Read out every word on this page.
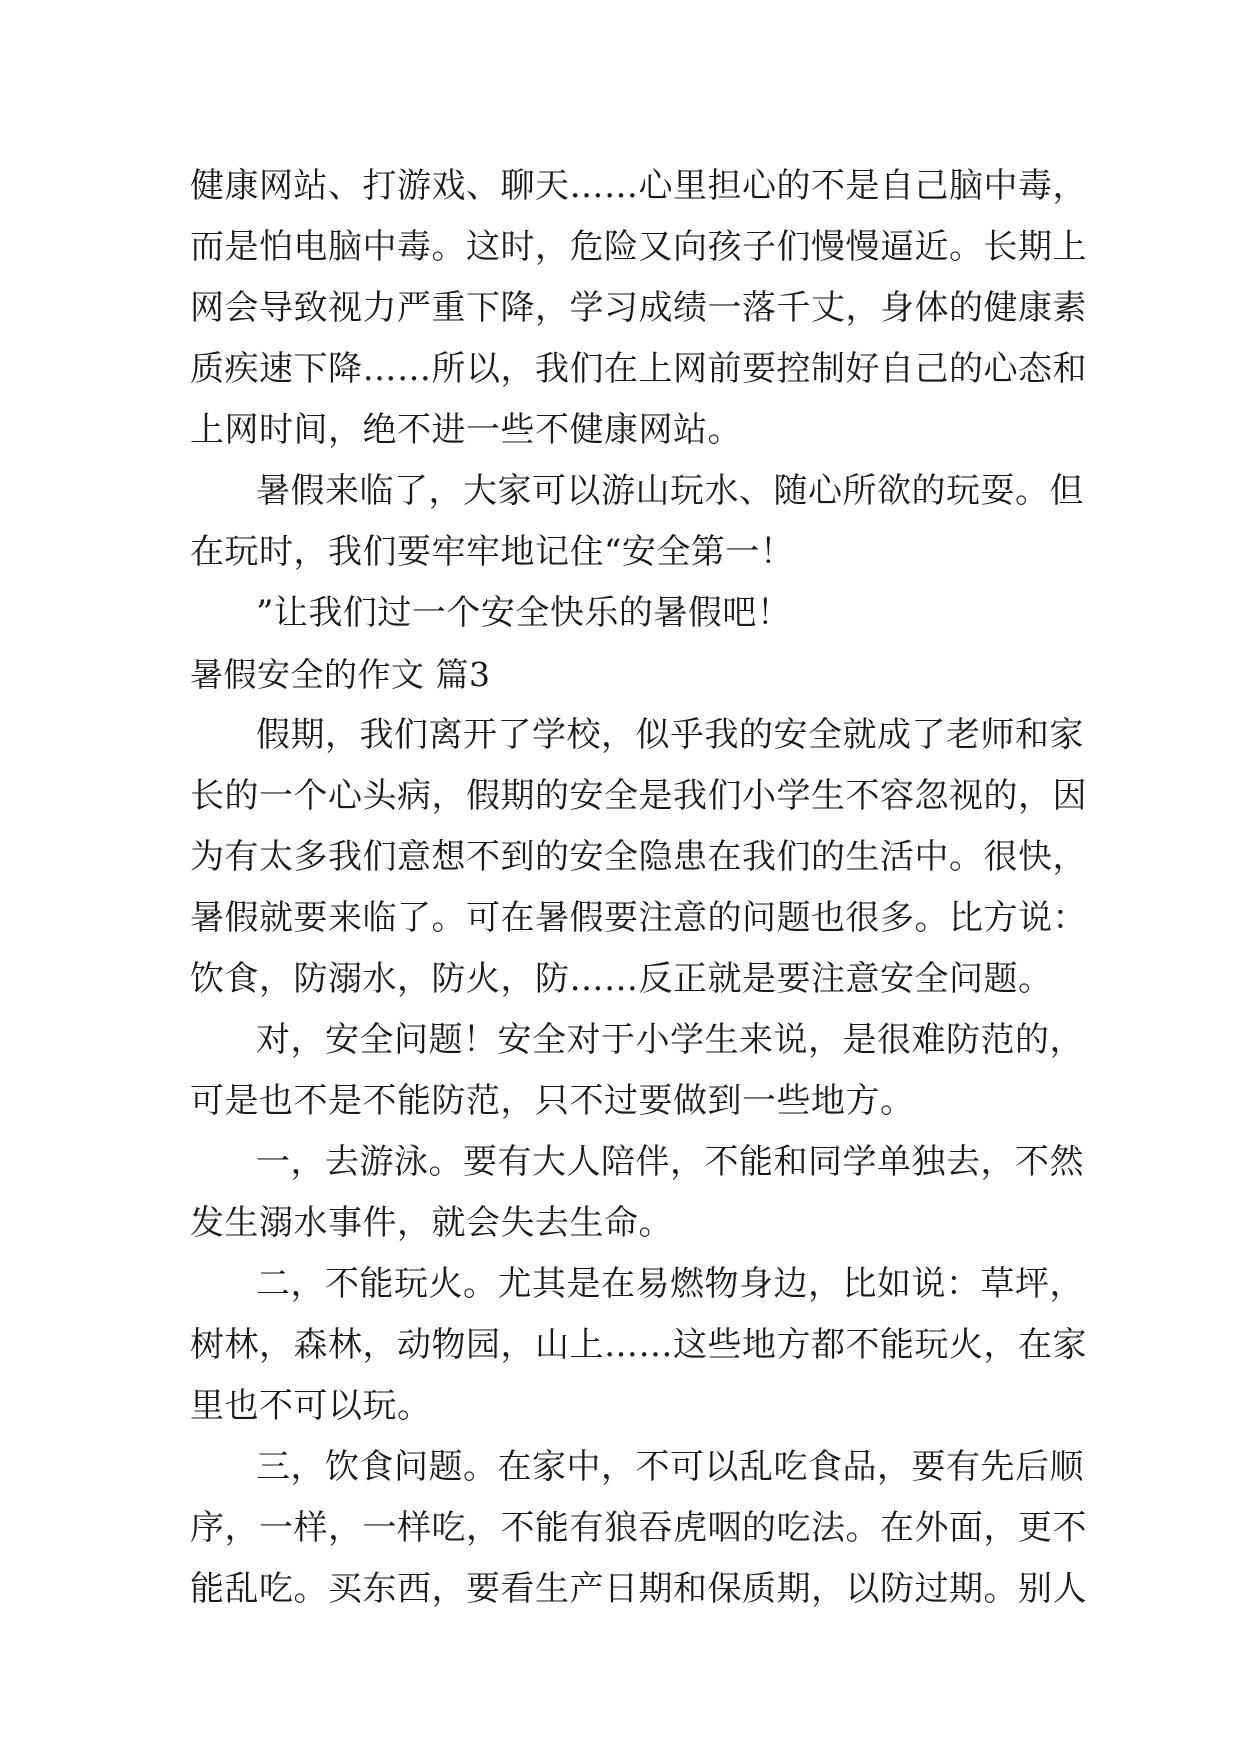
健康网站、打游戏、聊天……心里担心的不是自己脑中毒，
而是怕电脑中毒。这时，危险又向孩子们慢慢逼近。长期上
网会导致视力严重下降，学习成绩一落千丈，身体的健康素
质疾速下降……所以，我们在上网前要控制好自己的心态和
上网时间，绝不进一些不健康网站。
暑假来临了，大家可以游山玩水、随心所欲的玩耍。但
在玩时，我们要牢牢地记住“安全第一！
”让我们过一个安全快乐的暑假吧！
暑假安全的作文 篇3
假期，我们离开了学校，似乎我的安全就成了老师和家
长的一个心头病，假期的安全是我们小学生不容忽视的，因
为有太多我们意想不到的安全隐患在我们的生活中。很快，
暑假就要来临了。可在暑假要注意的问题也很多。比方说：
饮食，防溺水，防火，防……反正就是要注意安全问题。
对，安全问题！安全对于小学生来说，是很难防范的，
可是也不是不能防范，只不过要做到一些地方。
一，去游泳。要有大人陪伴，不能和同学单独去，不然
发生溺水事件，就会失去生命。
二，不能玩火。尤其是在易燃物身边，比如说：草坪，
树林，森林，动物园，山上……这些地方都不能玩火，在家
里也不可以玩。
三，饮食问题。在家中，不可以乱吃食品，要有先后顺
序，一样，一样吃，不能有狼吞虎咽的吃法。在外面，更不
能乱吃。买东西，要看生产日期和保质期，以防过期。别人
